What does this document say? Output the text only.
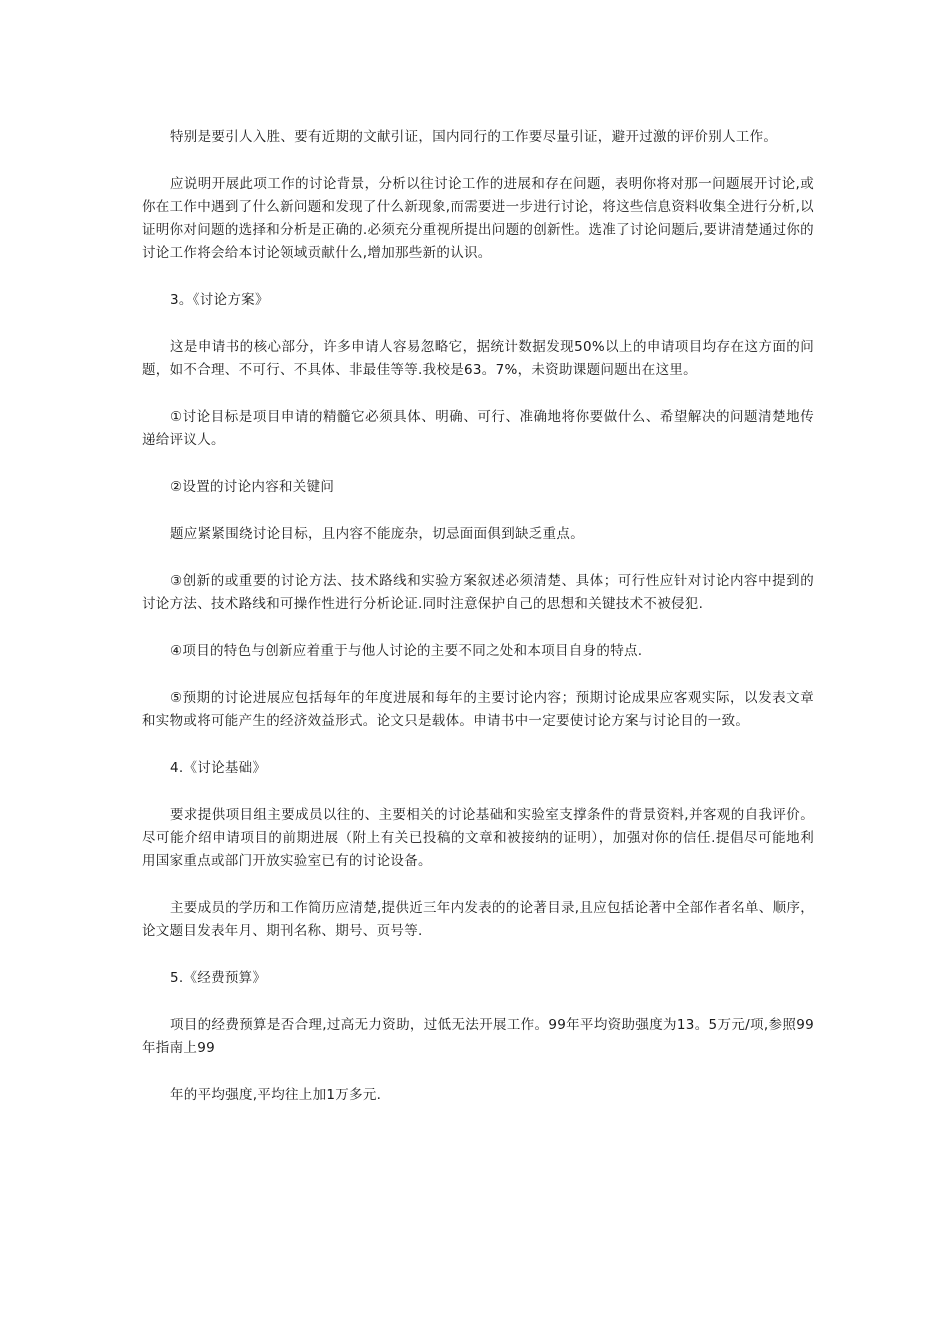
特别是要引人入胜、要有近期的文献引证，国内同行的工作要尽量引证，避开过激的评价别人工作。

应说明开展此项工作的讨论背景，分析以往讨论工作的进展和存在问题，表明你将对那一问题展开讨论,或你在工作中遇到了什么新问题和发现了什么新现象,而需要进一步进行讨论，将这些信息资料收集全进行分析,以证明你对问题的选择和分析是正确的.必须充分重视所提出问题的创新性。选准了讨论问题后,要讲清楚通过你的讨论工作将会给本讨论领域贡献什么,增加那些新的认识。

3。《讨论方案》

这是申请书的核心部分，许多申请人容易忽略它，据统计数据发现50%以上的申请项目均存在这方面的问题，如不合理、不可行、不具体、非最佳等等.我校是63。7%，未资助课题问题出在这里。

①讨论目标是项目申请的精髓它必须具体、明确、可行、准确地将你要做什么、希望解决的问题清楚地传递给评议人。

②设置的讨论内容和关键问

题应紧紧围绕讨论目标，且内容不能庞杂，切忌面面俱到缺乏重点。

③创新的或重要的讨论方法、技术路线和实验方案叙述必须清楚、具体；可行性应针对讨论内容中提到的讨论方法、技术路线和可操作性进行分析论证.同时注意保护自己的思想和关键技术不被侵犯.

④项目的特色与创新应着重于与他人讨论的主要不同之处和本项目自身的特点.

⑤预期的讨论进展应包括每年的年度进展和每年的主要讨论内容；预期讨论成果应客观实际，以发表文章和实物或将可能产生的经济效益形式。论文只是载体。申请书中一定要使讨论方案与讨论目的一致。

4.《讨论基础》

要求提供项目组主要成员以往的、主要相关的讨论基础和实验室支撑条件的背景资料,并客观的自我评价。尽可能介绍申请项目的前期进展（附上有关已投稿的文章和被接纳的证明），加强对你的信任.提倡尽可能地利用国家重点或部门开放实验室已有的讨论设备。

主要成员的学历和工作简历应清楚,提供近三年内发表的的论著目录,且应包括论著中全部作者名单、顺序，论文题目发表年月、期刊名称、期号、页号等.

5.《经费预算》

项目的经费预算是否合理,过高无力资助，过低无法开展工作。99年平均资助强度为13。5万元/项,参照99年指南上99

年的平均强度,平均往上加1万多元.
